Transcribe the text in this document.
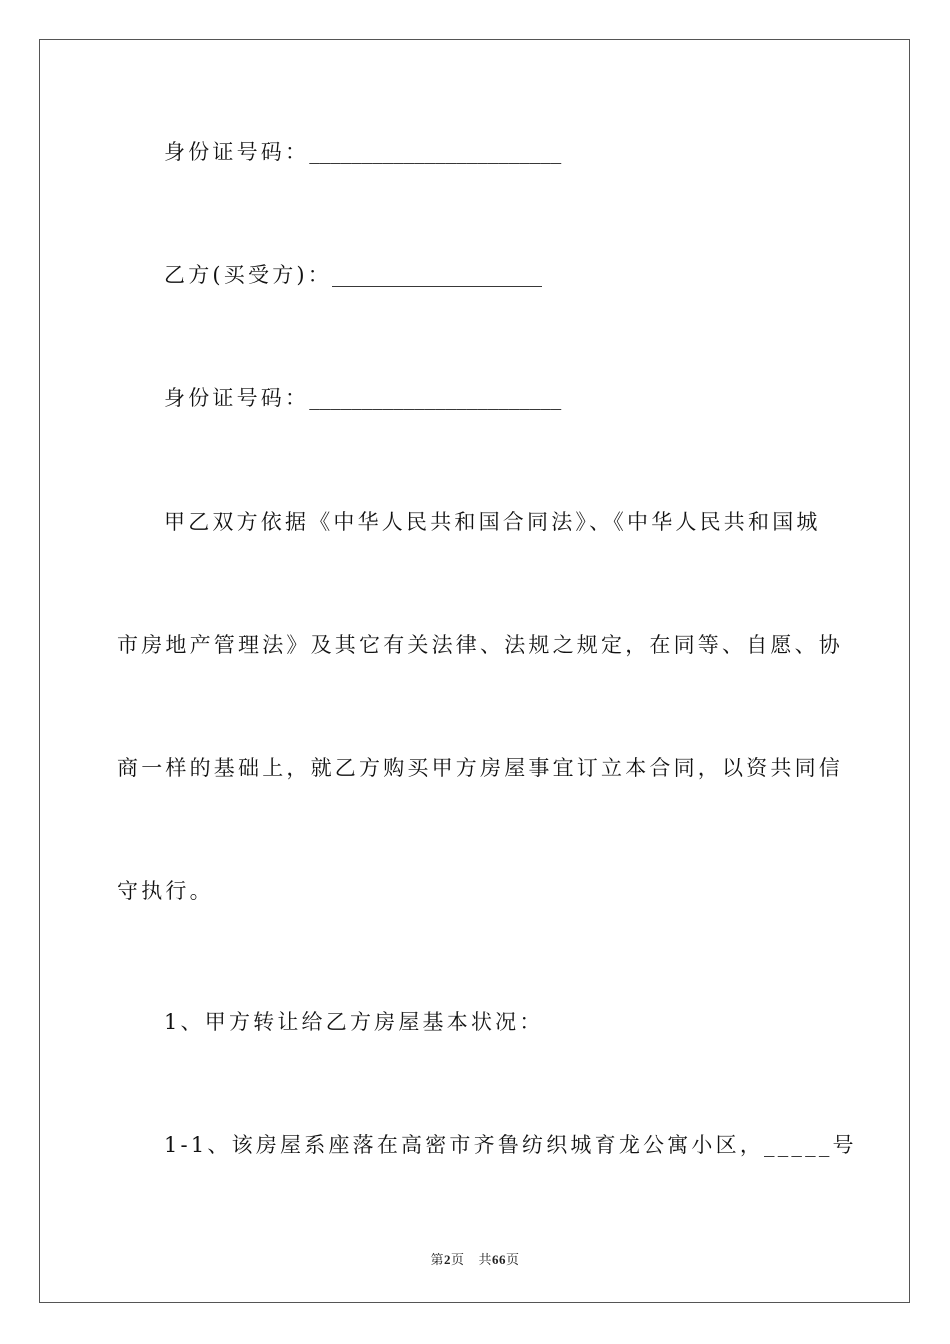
身份证号码：________________________
乙方(买受方)：____________________
身份证号码：________________________
甲乙双方依据《中华人民共和国合同法》、《中华人民共和国城
市房地产管理法》及其它有关法律、法规之规定，在同等、自愿、协
商一样的基础上，就乙方购买甲方房屋事宜订立本合同，以资共同信
守执行。
1、甲方转让给乙方房屋基本状况：
1-1、该房屋系座落在高密市齐鲁纺织城育龙公寓小区，_____号
第2页 共66页
